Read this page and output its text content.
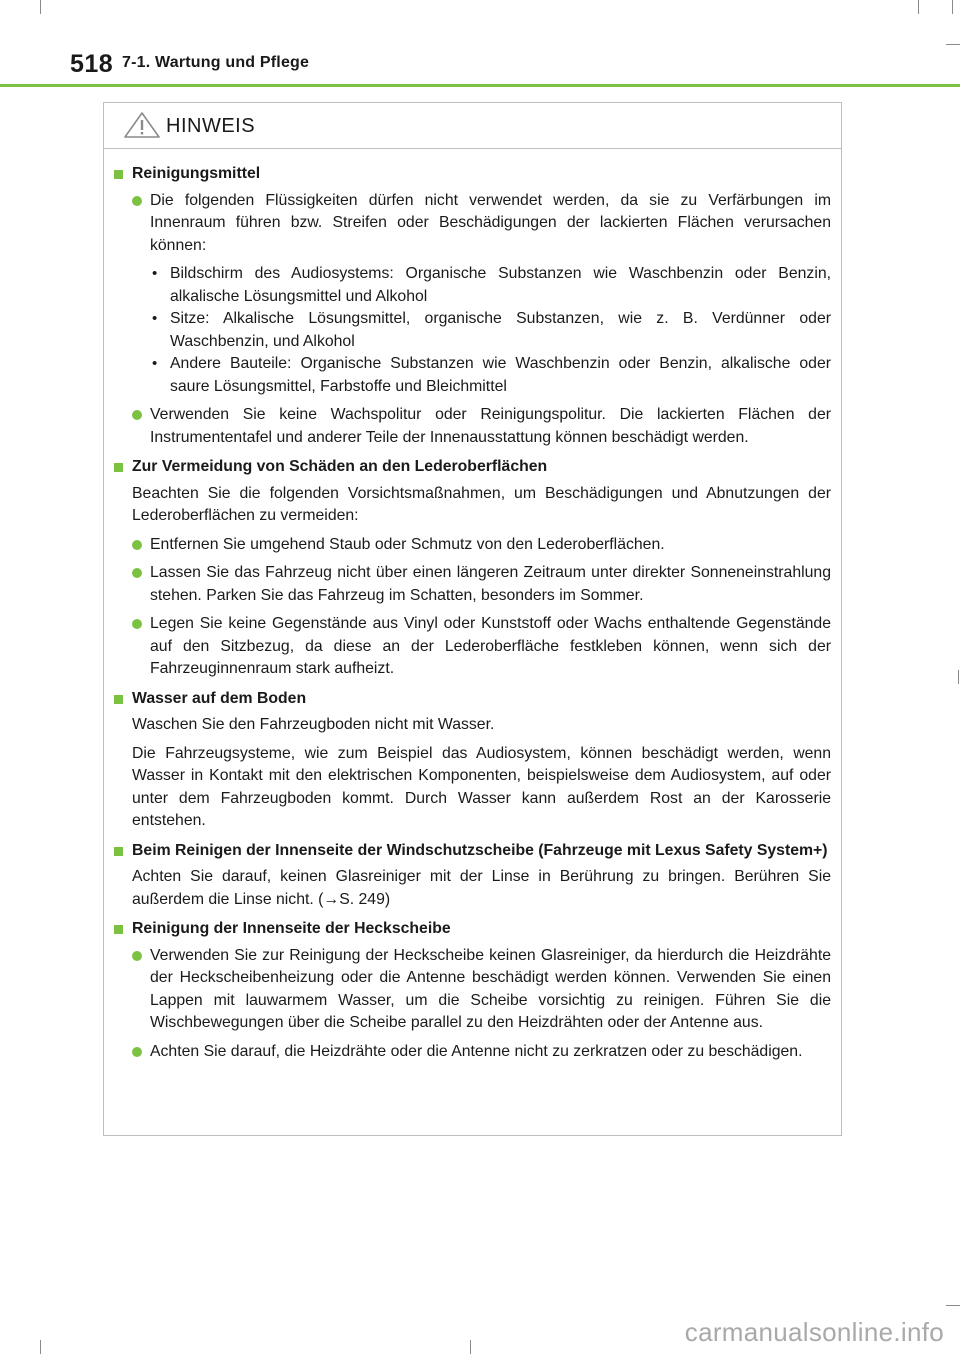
518 7-1. Wartung und Pflege
HINWEIS
Reinigungsmittel
Die folgenden Flüssigkeiten dürfen nicht verwendet werden, da sie zu Verfärbungen im Innenraum führen bzw. Streifen oder Beschädigungen der lackierten Flächen verursachen können:
• Bildschirm des Audiosystems: Organische Substanzen wie Waschbenzin oder Benzin, alkalische Lösungsmittel und Alkohol
• Sitze: Alkalische Lösungsmittel, organische Substanzen, wie z. B. Verdünner oder Waschbenzin, und Alkohol
• Andere Bauteile: Organische Substanzen wie Waschbenzin oder Benzin, alkalische oder saure Lösungsmittel, Farbstoffe und Bleichmittel
Verwenden Sie keine Wachspolitur oder Reinigungspolitur. Die lackierten Flächen der Instrumententafel und anderer Teile der Innenausstattung können beschädigt werden.
Zur Vermeidung von Schäden an den Lederoberflächen
Beachten Sie die folgenden Vorsichtsmaßnahmen, um Beschädigungen und Abnutzungen der Lederoberflächen zu vermeiden:
Entfernen Sie umgehend Staub oder Schmutz von den Lederoberflächen.
Lassen Sie das Fahrzeug nicht über einen längeren Zeitraum unter direkter Sonneneinstrahlung stehen. Parken Sie das Fahrzeug im Schatten, besonders im Sommer.
Legen Sie keine Gegenstände aus Vinyl oder Kunststoff oder Wachs enthaltende Gegenstände auf den Sitzbezug, da diese an der Lederoberfläche festkleben können, wenn sich der Fahrzeuginnenraum stark aufheizt.
Wasser auf dem Boden
Waschen Sie den Fahrzeugboden nicht mit Wasser.
Die Fahrzeugsysteme, wie zum Beispiel das Audiosystem, können beschädigt werden, wenn Wasser in Kontakt mit den elektrischen Komponenten, beispielsweise dem Audiosystem, auf oder unter dem Fahrzeugboden kommt. Durch Wasser kann außerdem Rost an der Karosserie entstehen.
Beim Reinigen der Innenseite der Windschutzscheibe (Fahrzeuge mit Lexus Safety System+)
Achten Sie darauf, keinen Glasreiniger mit der Linse in Berührung zu bringen. Berühren Sie außerdem die Linse nicht. (→S. 249)
Reinigung der Innenseite der Heckscheibe
Verwenden Sie zur Reinigung der Heckscheibe keinen Glasreiniger, da hierdurch die Heizdrähte der Heckscheibenheizung oder die Antenne beschädigt werden können. Verwenden Sie einen Lappen mit lauwarmem Wasser, um die Scheibe vorsichtig zu reinigen. Führen Sie die Wischbewegungen über die Scheibe parallel zu den Heizdrähten oder der Antenne aus.
Achten Sie darauf, die Heizdrähte oder die Antenne nicht zu zerkratzen oder zu beschädigen.
carmanualsonline.info
